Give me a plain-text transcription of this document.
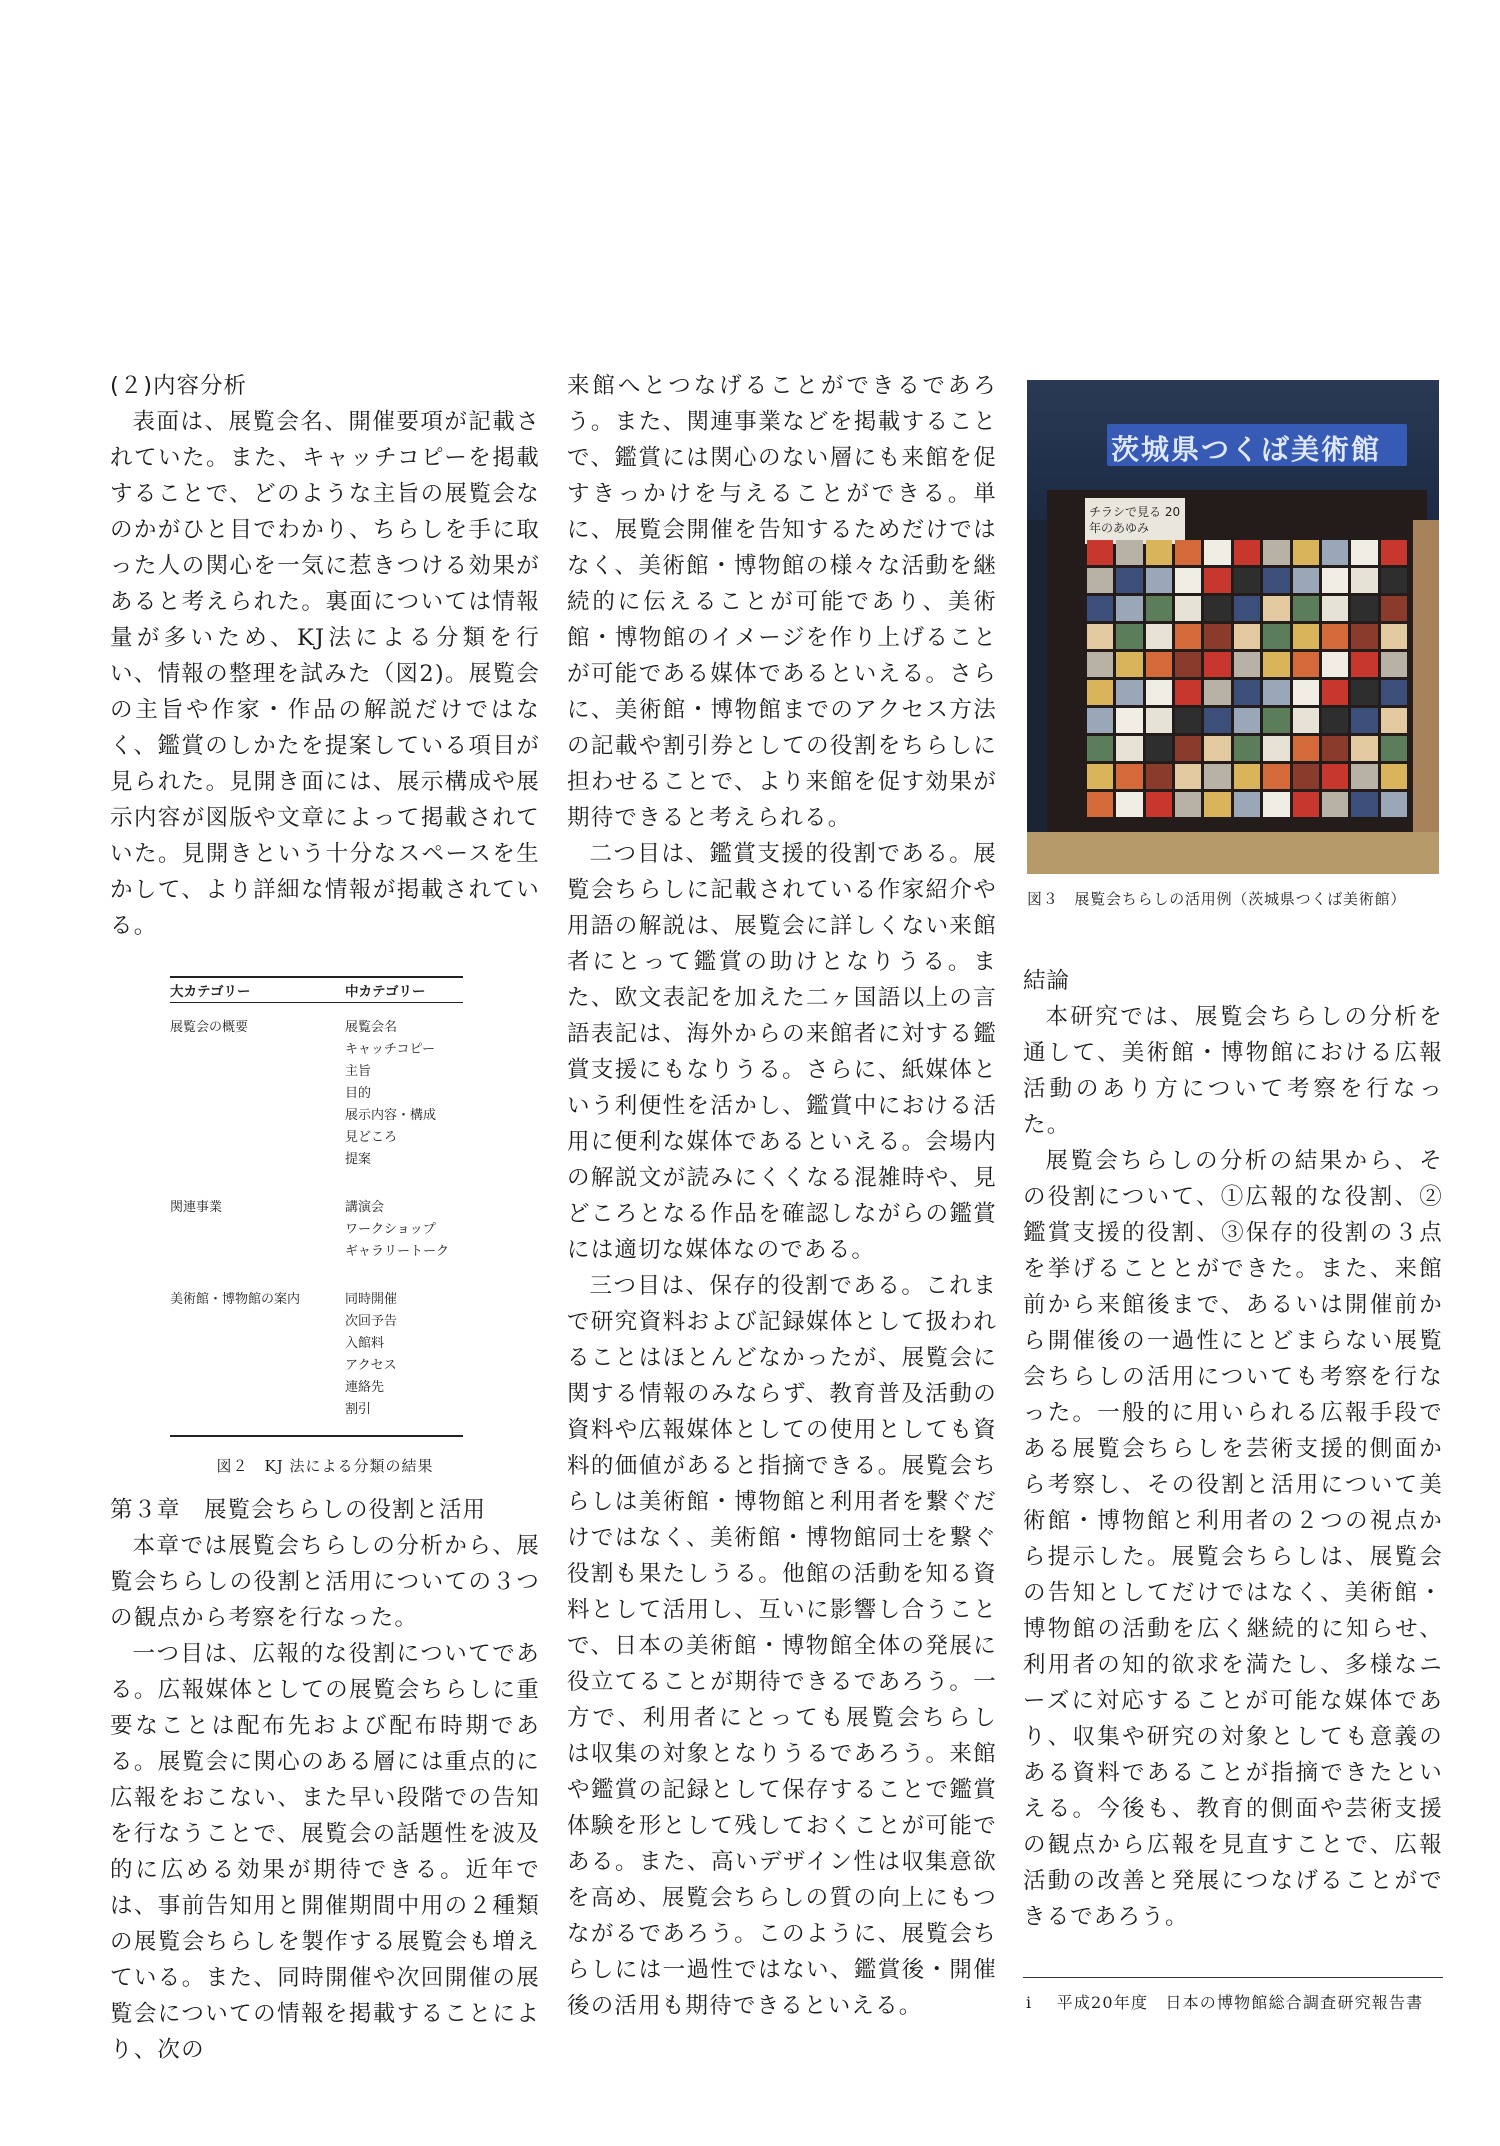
(２)内容分析

表面は、展覧会名、開催要項が記載されていた。また、キャッチコピーを掲載することで、どのような主旨の展覧会なのかがひと目でわかり、ちらしを手に取った人の関心を一気に惹きつける効果があると考えられた。裏面については情報量が多いため、KJ法による分類を行い、情報の整理を試みた（図2)。展覧会の主旨や作家・作品の解説だけではなく、鑑賞のしかたを提案している項目が見られた。見開き面には、展示構成や展示内容が図版や文章によって掲載されていた。見開きという十分なスペースを生かして、より詳細な情報が掲載されている。

大カテゴリー	中カテゴリー
展覧会の概要	展覧会名
キャッチコピー
主旨
目的
展示内容・構成
見どころ
提案
関連事業	講演会
ワークショップ
ギャラリートーク
美術館・博物館の案内	同時開催
次回予告
入館料
アクセス
連絡先
割引
図２　KJ 法による分類の結果

第３章　展覧会ちらしの役割と活用

本章では展覧会ちらしの分析から、展覧会ちらしの役割と活用についての３つの観点から考察を行なった。

一つ目は、広報的な役割についてである。広報媒体としての展覧会ちらしに重要なことは配布先および配布時期である。展覧会に関心のある層には重点的に広報をおこない、また早い段階での告知を行なうことで、展覧会の話題性を波及的に広める効果が期待できる。近年では、事前告知用と開催期間中用の２種類の展覧会ちらしを製作する展覧会も増えている。また、同時開催や次回開催の展覧会についての情報を掲載することにより、次の

来館へとつなげることができるであろう。また、関連事業などを掲載することで、鑑賞には関心のない層にも来館を促すきっかけを与えることができる。単に、展覧会開催を告知するためだけではなく、美術館・博物館の様々な活動を継続的に伝えることが可能であり、美術館・博物館のイメージを作り上げることが可能である媒体であるといえる。さらに、美術館・博物館までのアクセス方法の記載や割引券としての役割をちらしに担わせることで、より来館を促す効果が期待できると考えられる。

二つ目は、鑑賞支援的役割である。展覧会ちらしに記載されている作家紹介や用語の解説は、展覧会に詳しくない来館者にとって鑑賞の助けとなりうる。また、欧文表記を加えた二ヶ国語以上の言語表記は、海外からの来館者に対する鑑賞支援にもなりうる。さらに、紙媒体という利便性を活かし、鑑賞中における活用に便利な媒体であるといえる。会場内の解説文が読みにくくなる混雑時や、見どころとなる作品を確認しながらの鑑賞には適切な媒体なのである。

三つ目は、保存的役割である。これまで研究資料および記録媒体として扱われることはほとんどなかったが、展覧会に関する情報のみならず、教育普及活動の資料や広報媒体としての使用としても資料的価値があると指摘できる。展覧会ちらしは美術館・博物館と利用者を繋ぐだけではなく、美術館・博物館同士を繋ぐ役割も果たしうる。他館の活動を知る資料として活用し、互いに影響し合うことで、日本の美術館・博物館全体の発展に役立てることが期待できるであろう。一方で、利用者にとっても展覧会ちらし　は収集の対象となりうるであろう。来館や鑑賞の記録として保存することで鑑賞体験を形として残しておくことが可能である。また、高いデザイン性は収集意欲を高め、展覧会ちらしの質の向上にもつながるであろう。このように、展覧会ちらしには一過性ではない、鑑賞後・開催後の活用も期待できるといえる。

茨城県つくば美術館
チラシで見る 20年のあゆみ
図３　展覧会ちらしの活用例（茨城県つくば美術館）

結論

本研究では、展覧会ちらしの分析を通して、美術館・博物館における広報活動のあり方について考察を行なった。

展覧会ちらしの分析の結果から、その役割について、①広報的な役割、②鑑賞支援的役割、③保存的役割の３点を挙げることとができた。また、来館前から来館後まで、あるいは開催前から開催後の一過性にとどまらない展覧会ちらしの活用についても考察を行なった。一般的に用いられる広報手段である展覧会ちらしを芸術支援的側面から考察し、その役割と活用について美術館・博物館と利用者の２つの視点から提示した。展覧会ちらしは、展覧会の告知としてだけではなく、美術館・博物館の活動を広く継続的に知らせ、利用者の知的欲求を満たし、多様なニーズに対応することが可能な媒体であり、収集や研究の対象としても意義のある資料であることが指摘できたといえる。今後も、教育的側面や芸術支援の観点から広報を見直すことで、広報活動の改善と発展につなげることができるであろう。

i 平成20年度　日本の博物館総合調査研究報告書
